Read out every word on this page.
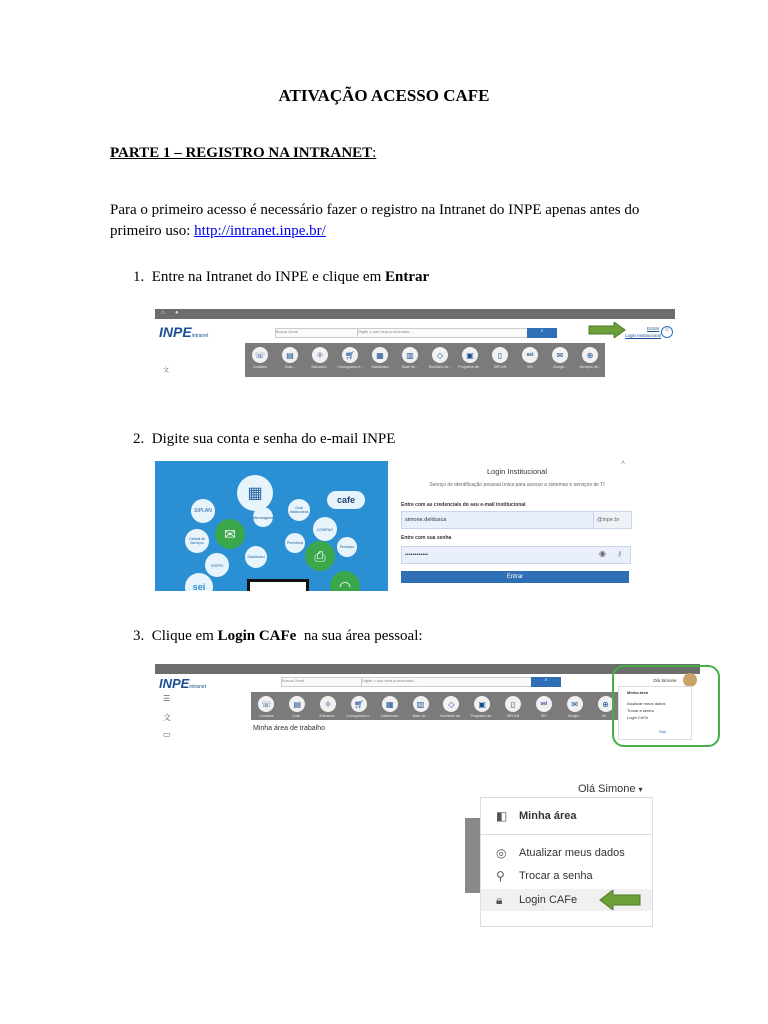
ATIVAÇÃO ACESSO CAFE
PARTE 1 – REGISTRO NA INTRANET:
Para o primeiro acesso é necessário fazer o registro na Intranet do INPE apenas antes do primeiro uso: http://intranet.inpe.br/
1. Entre na Intranet do INPE e clique em Entrar
⌂ ●
INPEintranet
Busca Geral	Digite o que está procurando...	⌕	Entrar
Login Institucional
☺
文
☏
Contatos
▤
Guia...
⚛
Estrutura...
🛒︎
Cronograma d...
▦
Dashboard
▥
Base de...
◇
Escritório de...
▣
Programa de...
▯
SIPLAN
sei
SEI
✉
Google...
⊕
Serviços de...
2. Digite sua conta e senha do e-mail INPE
▦
SIPLAN
✉
Mensagens
Guia Institucional
CONFAC
cafe
Central de Serviços
Dashboard
Periódicos
⎙
Periódico
SISPG
sei	◠
˄
Login Institucional
Serviço de identificação pessoal única para acesso a sistemas e serviços de TI
Entre com as credenciais do seu e-mail institucional
simone.deldusca	@inpe.br
Entre com sua senha
••••••••••••	◉ ⚷
Entrar
3. Clique em Login CAFe  na sua área pessoal:
INPEintranet
Busca Geral	Digite o que está procurando...	⌕
☰
文
▭
☏
Contatos
▤
Guia...
⚛
Estrutura...
🛒︎
Cronograma d...
▦
Dashboard
▥
Base de...
◇
Escritório de...
▣
Programa de...
▯
SIPLAN
sei
SEI
✉
Google...
⊕
Se...
Minha área de trabalho
Olá Simone
Minha área
Atualizar meus dados
Trocar a senha
Login CAFe
Sair
Olá Simone ▾
◧ Minha área
◎ Atualizar meus dados
⚲ Trocar a senha
🔒︎ Login CAFe
